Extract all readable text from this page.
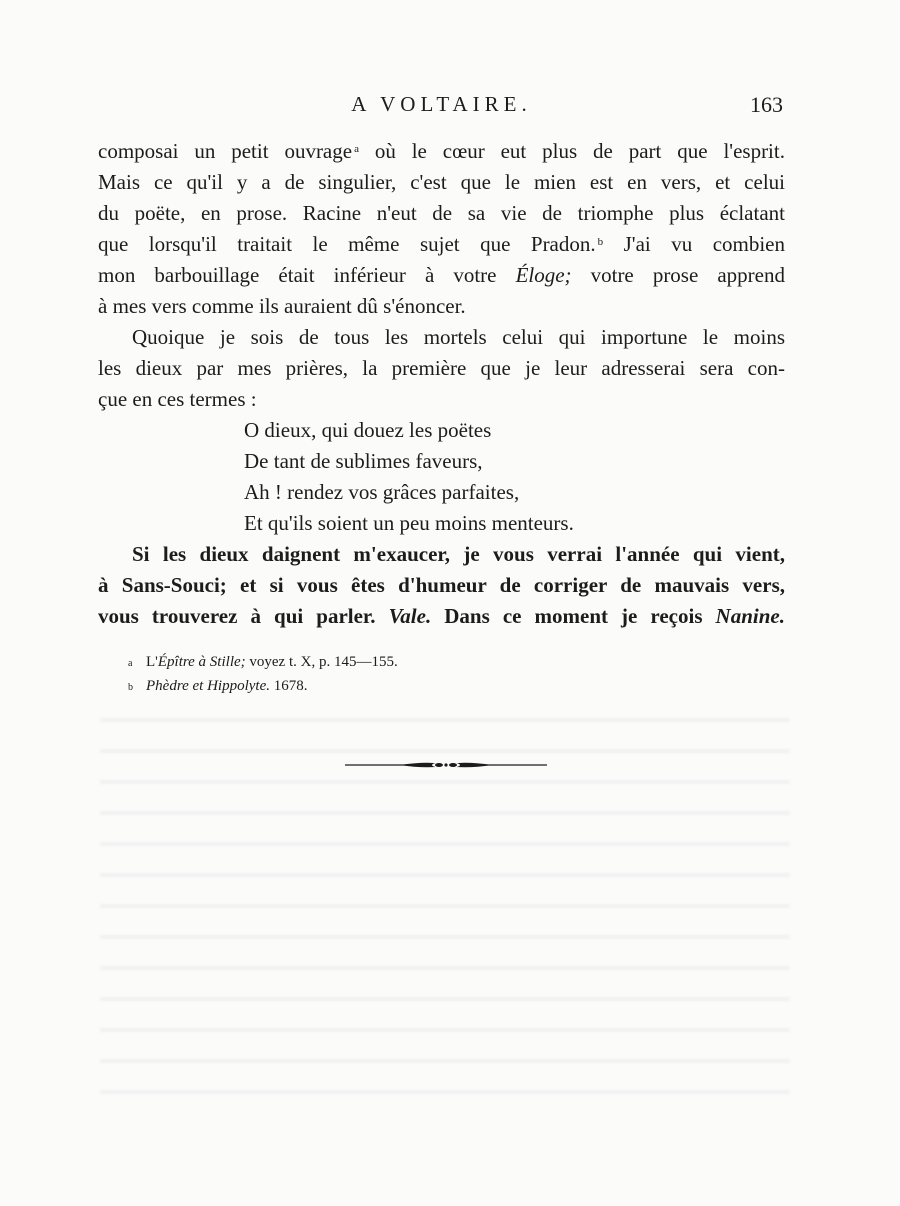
A VOLTAIRE.	163
composai un petit ouvrage $^a$ où le cœur eut plus de part que l'esprit.
Mais ce qu'il y a de singulier, c'est que le mien est en vers, et celui
du poëte, en prose. Racine n'eut de sa vie de triomphe plus éclatant
que lorsqu'il traitait le même sujet que Pradon. $^b$ J'ai vu combien
mon barbouillage était inférieur à votre Éloge; votre prose apprend
à mes vers comme ils auraient dû s'énoncer.
Quoique je sois de tous les mortels celui qui importune le moins
les dieux par mes prières, la première que je leur adresserai sera con-
çue en ces termes :
O dieux, qui douez les poëtes
De tant de sublimes faveurs,
Ah ! rendez vos grâces parfaites,
Et qu'ils soient un peu moins menteurs.
Si les dieux daignent m'exaucer, je vous verrai l'année qui vient,
à Sans-Souci; et si vous êtes d'humeur de corriger de mauvais vers,
vous trouverez à qui parler. Vale. Dans ce moment je reçois Nanine.
a L'Épître à Stille; voyez t. X, p. 145—155.
b Phèdre et Hippolyte. 1678.
